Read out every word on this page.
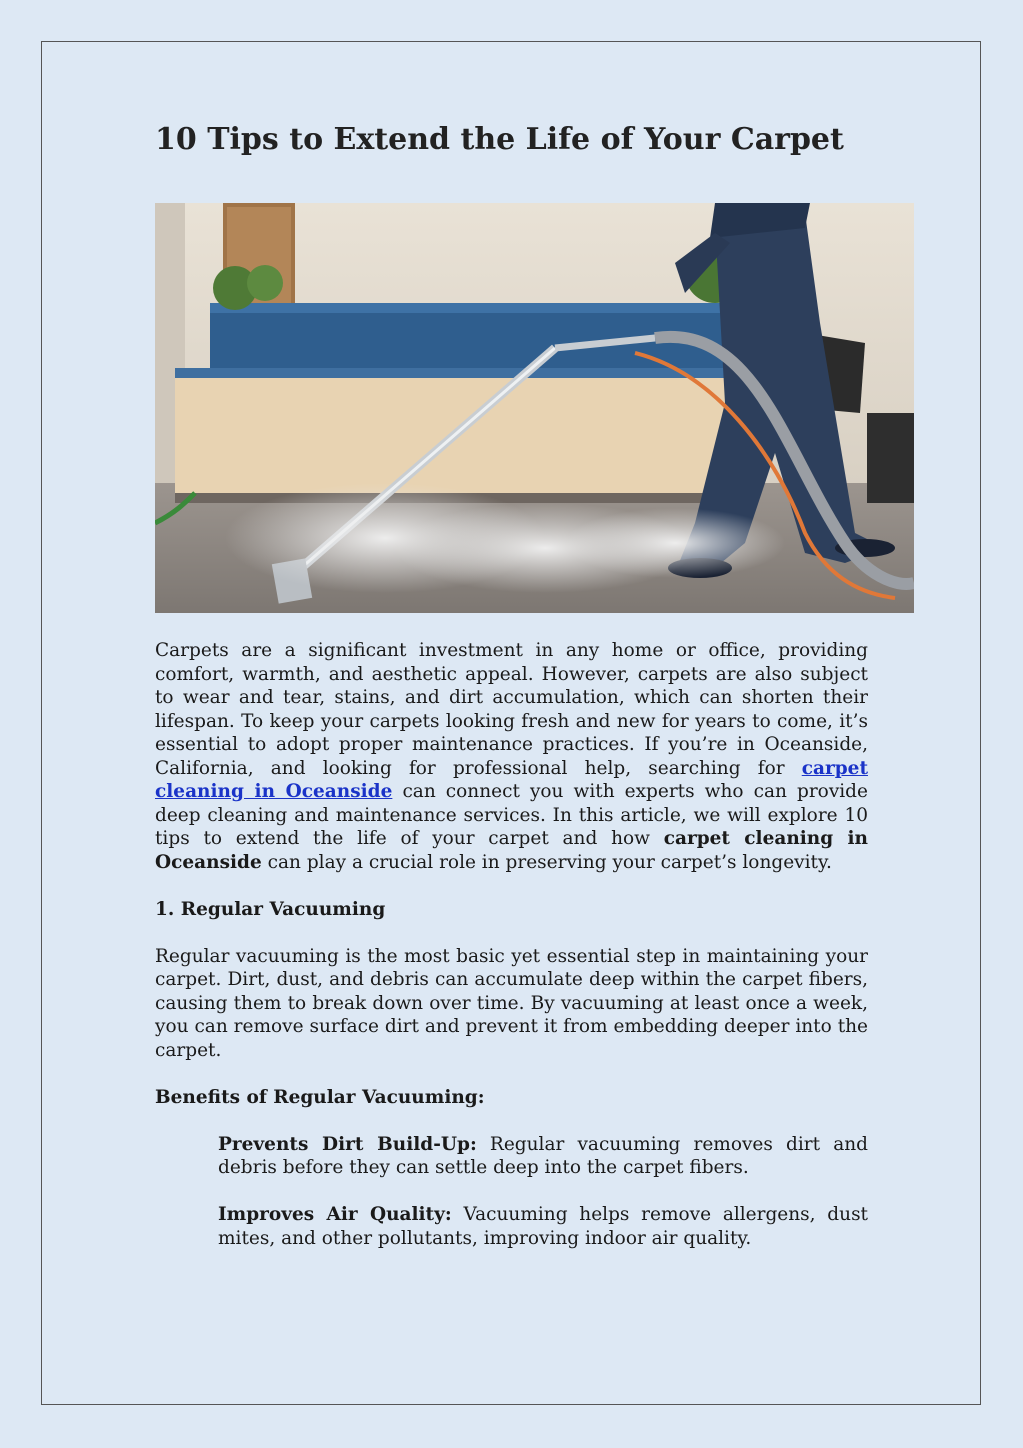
10 Tips to Extend the Life of Your Carpet

Carpets are a significant investment in any home or office, providing comfort, warmth, and aesthetic appeal. However, carpets are also subject to wear and tear, stains, and dirt accumulation, which can shorten their lifespan. To keep your carpets looking fresh and new for years to come, it’s essential to adopt proper maintenance practices. If you’re in Oceanside, California, and looking for professional help, searching for carpet cleaning in Oceanside can connect you with experts who can provide deep cleaning and maintenance services. In this article, we will explore 10 tips to extend the life of your carpet and how carpet cleaning in Oceanside can play a crucial role in preserving your carpet’s longevity.

1. Regular Vacuuming

Regular vacuuming is the most basic yet essential step in maintaining your carpet. Dirt, dust, and debris can accumulate deep within the carpet fibers, causing them to break down over time. By vacuuming at least once a week, you can remove surface dirt and prevent it from embedding deeper into the carpet.

Benefits of Regular Vacuuming:

Prevents Dirt Build-Up: Regular vacuuming removes dirt and debris before they can settle deep into the carpet fibers.

Improves Air Quality: Vacuuming helps remove allergens, dust mites, and other pollutants, improving indoor air quality.
